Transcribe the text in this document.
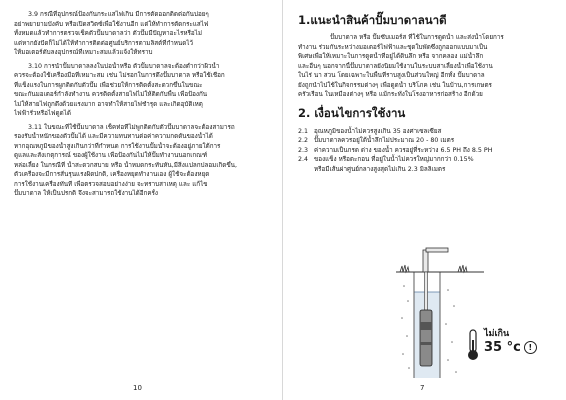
3.9 กรณีที่อุปกรณ์ป้องกันกระแสไฟเกิน มีการตัดออกติดต่อกันบ่อยๆ
อย่าพยายามบังคับ หรือเปิดสวิตซ์เพื่อใช้งานอีก แต่ให้ทำการตัดกระแสไฟ
ทั้งหมดแล้วทำการตรวจเช็คตัวปั๊มบาดาลว่า ตัวปั๊มมีปัญหาอะไรหรือไม่
แต่หากยังปัดก็ไม่ได้ให้ทำการติดต่อศูนย์บริการตามลิสต์ที่กำหนดไว้
ให้มอเตอร์ดับลงอุปกรณ์ที่เหมาะสมแล้วแจ้งให้ทราบ
3.10 การนำปั๊มบาดาลลงในบ่อน้ำหรือ ตัวปั๊มบาดาลจะต้องต่ำกว่าผิวน้ำ
ควรจะต้องใช้เครื่องมือที่เหมาะสม เช่น ไม่รอกในการดึงปั๊มบาดาล หรือใช้เชือก
ที่แข็งแรงในการผูกติดกับตัวปั๊ม เพื่อช่วยให้การติดตั้งสะดวกขึ้นในขณะ
ขณะกันมอเตอร์กำลังทำงาน ควรติดตั้งสายไฟไม่ให้ติดกับพื้น เพื่อป้องกัน
ไม่ให้สายไฟถูกดึงด้วยแรงมาก อาจทำให้สายไฟชำรุด และเกิดอุบัติเหตุ
ไฟฟ้ารั่วหรือไฟดูดได้
3.11 ในขณะที่ใช้ปั๊มบาดาล เช็คท่อทีไม่พูกติดกับตัวปั๊มบาดาลจะต้องสามารถ
รองรับน้ำหนักของตัวปั๊มได้ และมีความทนทานต่อค่าความกดดันของน้ำได้
หากอุณหภูมิของน้ำสูงเกินกว่าที่กำหนด การใช้งานปั๊มน้ำจะต้องอยู่ภายใต้การ
ดูแลและสังเกตุการณ์ ของผู้ใช้งาน เพื่อป้องกันไม่ให้ปั๊มทำงานนอกเกณฑ์
หล่อเลี้ยง ในกรณีที่ น้ำสะดวกสบาย หรือ น้ำหมดกระทันหัน,มีสิ่งแปลกปลอมเกิดขึ้น,
ตัวเครื่องจะมีการสั่นรุนแรงผิดปกติ, เครื่องหยุดทำงานเอง ผู้ใช้จะต้องหยุด
การใช้งานเครื่องทันที เพื่อตรวจสอบอย่างง่าย จะทราบสาเหตุ และ แก้ไข
ปั๊มบาดาล ให้เป็นปรกติ จึงจะสามารถใช้งานได้อีกครั้ง
10
1.แนะนำสินค้าปั๊มบาดาลนาดี
ปั๊มบาดาล หรือ ปั๊มซับเมอร์ส ที่ใช้ในการดูดน้ำ และส่งน้ำโดยการ
ทำงาน ร่วมกันระหว่างมอเตอร์ไฟฟ้าและชุดใบพัดซึ่งถูกออกแบบมาเป็น
พิเศษเพื่อให้เหมาะในการดูดน้ำที่อยู่ได้ดินลึก หรือ จากคลอง แม่น้ำลึก
และอื่นๆ นอกจากนี้ปั๊มบาดาลยังนิยมใช้งานในระบบสาเลี้ยงน้ำเพื่อใช้งาน
ในไร่ นา สวน โดยเฉพาะในพื้นที่ราบสูงเป็นส่วนใหญ่ อีกทั้ง ปั๊มบาดาล
ยังถูกนำไปใช้ในกิจกรรมต่างๆ เพื่อดูดน้ำ บริโภค เช่น ในบ้าน,การเกษตร
ครัวเรือน ในเหมืองต่างๆ หรือ แม้กระทั่งในโรงอาหารก่อสร้าง อีกด้วย
2. เงื่อนไขการใช้งาน
2.1 อุณหภูมิของน้ำไม่ควรสูงเกิน 35 องศาเซลเซียส
2.2 ปั๊มบาดาลควรอยู่ใต้น้ำลึกไม่ประมาณ 20 - 80 เมตร
2.3 ค่าความเป็นกรด ด่าง ของน้ำ ควรอยู่ที่ระหว่าง 6.5 PH ถึง 8.5 PH
2.4 ของแข็ง หรือตะกอน ที่อยู่ในน้ำไม่ควรใหญ่มากกว่า 0.15%
หรือมีเส้นผ่าศูนย์กลางสูงสุดไม่เกิน 2.3 มิลลิเมตร
ไม่เกิน
35 °c !
7
